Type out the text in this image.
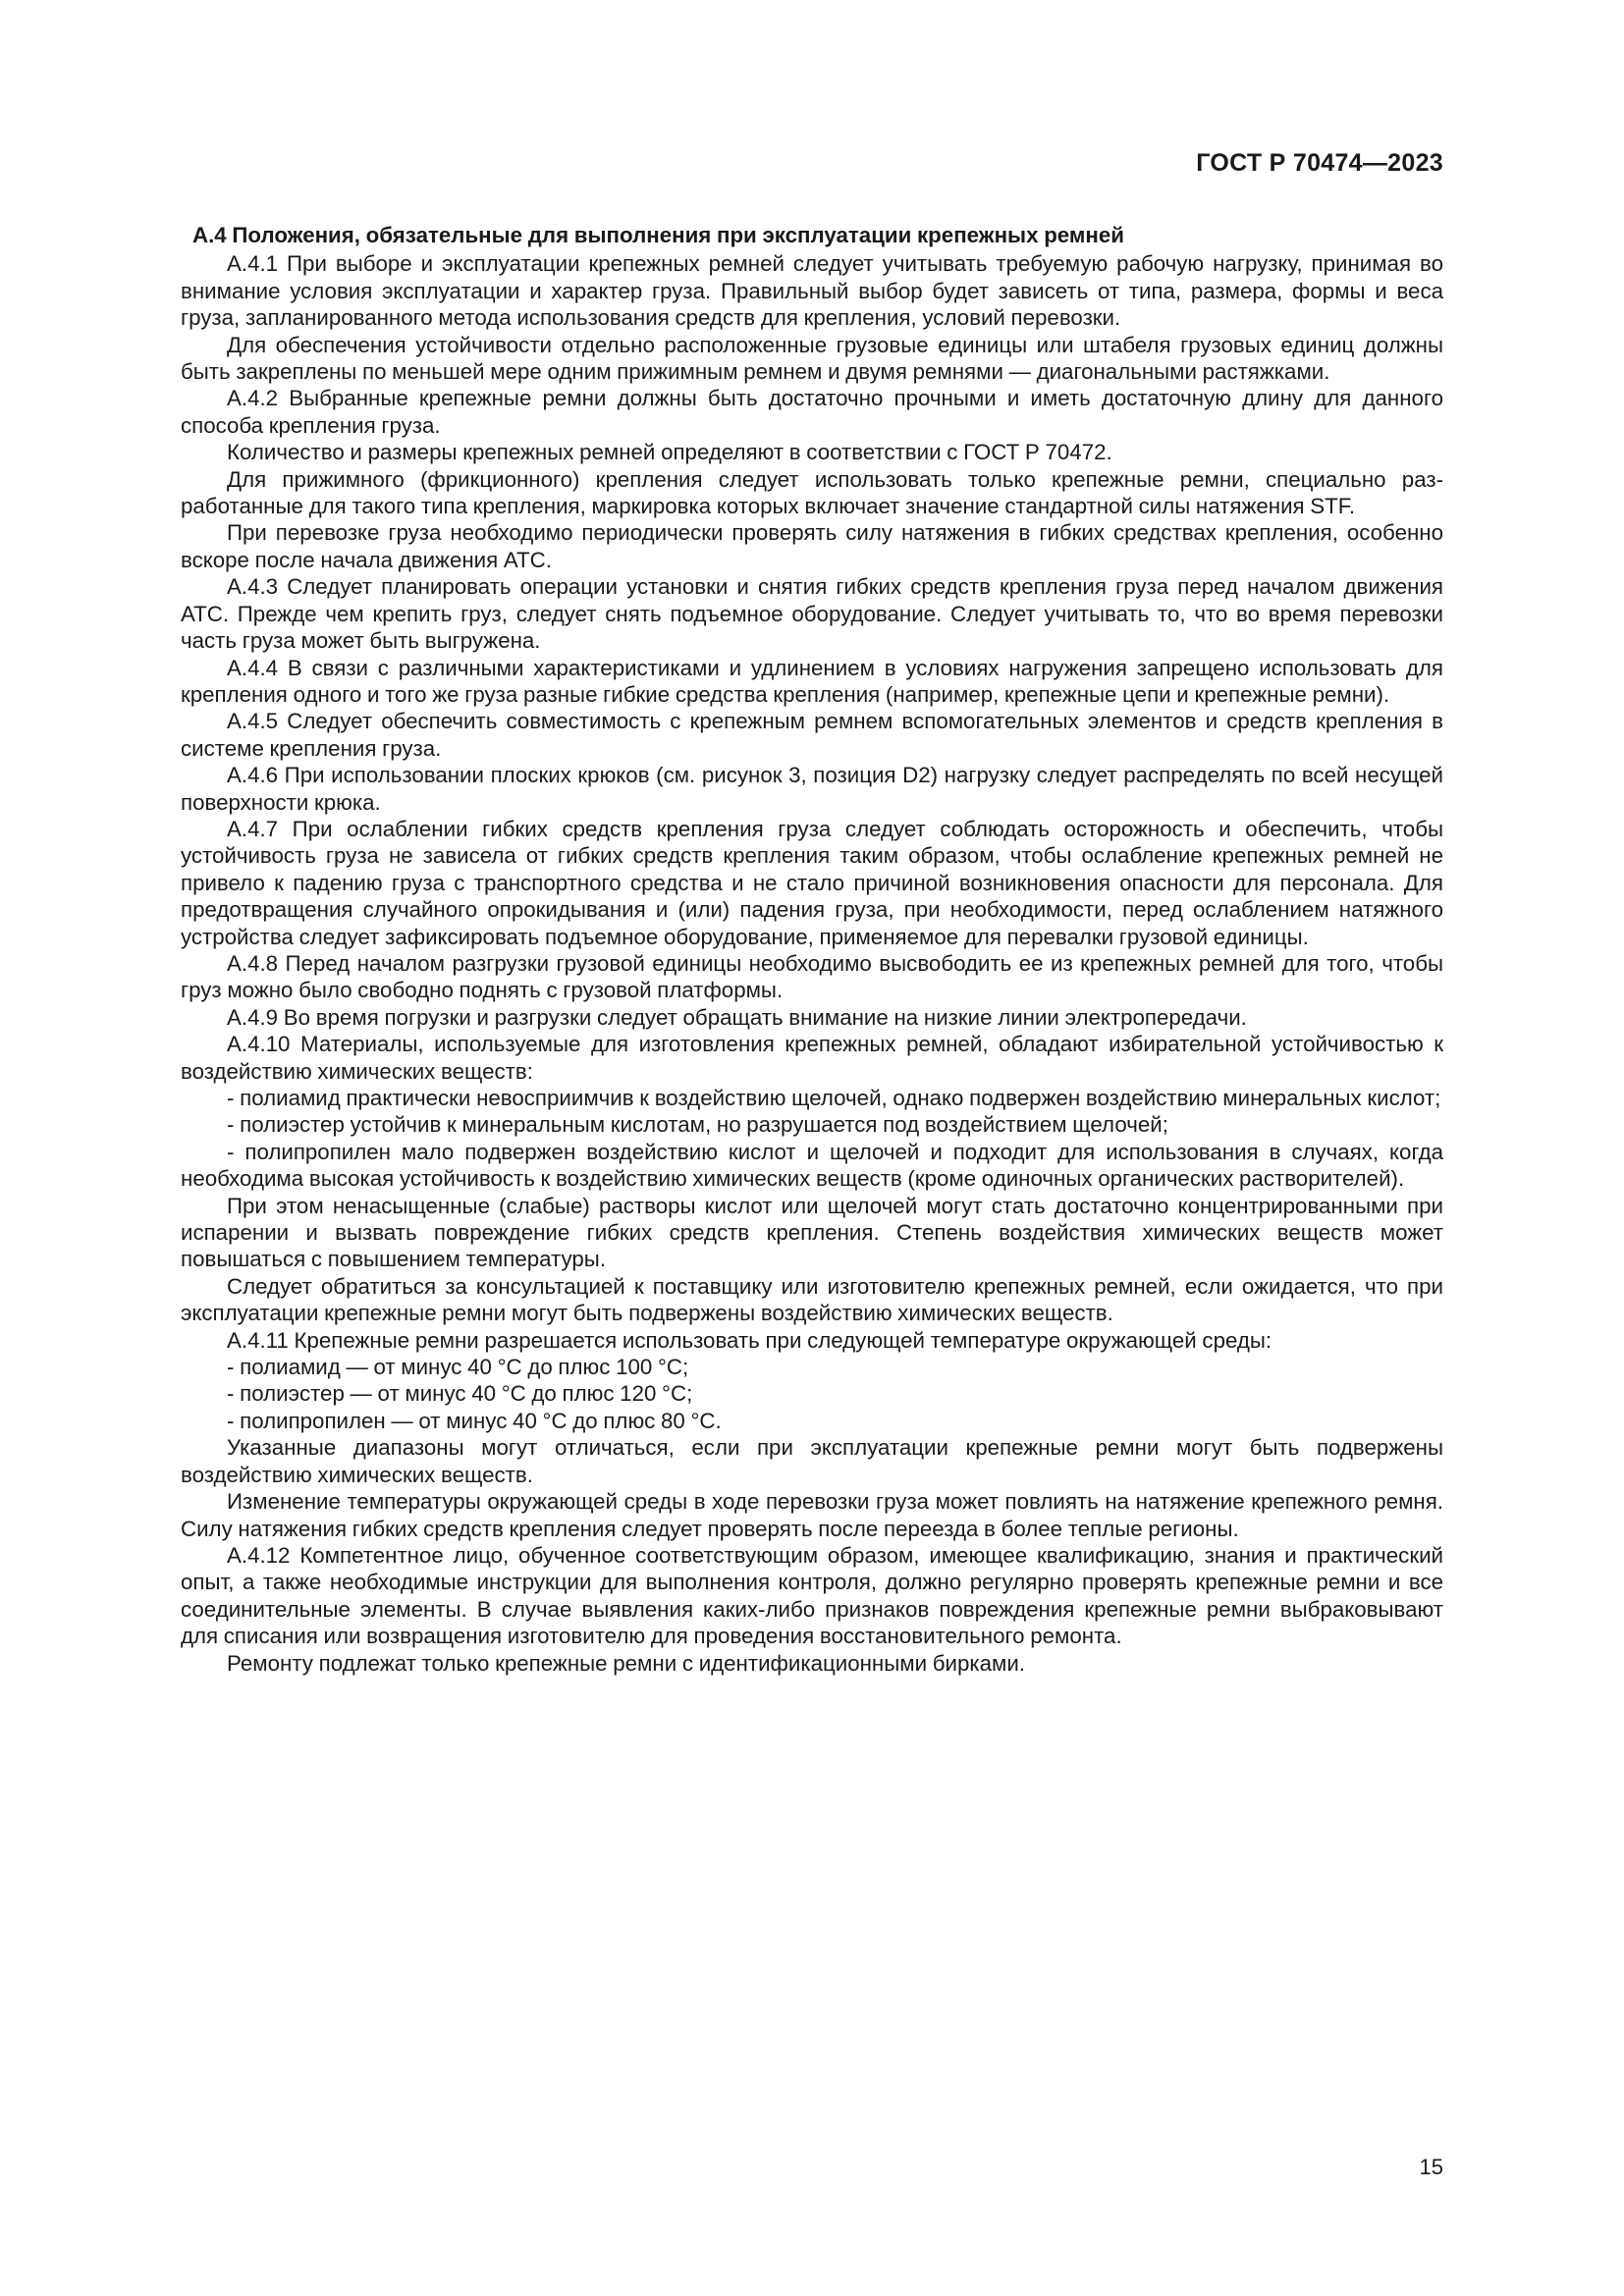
ГОСТ Р 70474—2023

А.4 Положения, обязательные для выполнения при эксплуатации крепежных ремней

А.4.1 При выборе и эксплуатации крепежных ремней следует учитывать требуемую рабочую нагрузку, принимая во внимание условия эксплуатации и характер груза. Правильный выбор будет зависеть от типа, размера, формы и веса груза, запланированного метода использования средств для крепления, условий перевозки.

Для обеспечения устойчивости отдельно расположенные грузовые единицы или штабеля грузовых единиц должны быть закреплены по меньшей мере одним прижимным ремнем и двумя ремнями — диагональными растяжками.

А.4.2 Выбранные крепежные ремни должны быть достаточно прочными и иметь достаточную длину для данного способа крепления груза.

Количество и размеры крепежных ремней определяют в соответствии с ГОСТ Р 70472.

Для прижимного (фрикционного) крепления следует использовать только крепежные ремни, специально разработанные для такого типа крепления, маркировка которых включает значение стандартной силы натяжения STF.

При перевозке груза необходимо периодически проверять силу натяжения в гибких средствах крепления, особенно вскоре после начала движения АТС.

А.4.3 Следует планировать операции установки и снятия гибких средств крепления груза перед началом движения АТС. Прежде чем крепить груз, следует снять подъемное оборудование. Следует учитывать то, что во время перевозки часть груза может быть выгружена.

А.4.4 В связи с различными характеристиками и удлинением в условиях нагружения запрещено использовать для крепления одного и того же груза разные гибкие средства крепления (например, крепежные цепи и крепежные ремни).

А.4.5 Следует обеспечить совместимость с крепежным ремнем вспомогательных элементов и средств крепления в системе крепления груза.

А.4.6 При использовании плоских крюков (см. рисунок 3, позиция D2) нагрузку следует распределять по всей несущей поверхности крюка.

А.4.7 При ослаблении гибких средств крепления груза следует соблюдать осторожность и обеспечить, чтобы устойчивость груза не зависела от гибких средств крепления таким образом, чтобы ослабление крепежных ремней не привело к падению груза с транспортного средства и не стало причиной возникновения опасности для персонала. Для предотвращения случайного опрокидывания и (или) падения груза, при необходимости, перед ослаблением натяжного устройства следует зафиксировать подъемное оборудование, применяемое для перевалки грузовой единицы.

А.4.8 Перед началом разгрузки грузовой единицы необходимо высвободить ее из крепежных ремней для того, чтобы груз можно было свободно поднять с грузовой платформы.

А.4.9 Во время погрузки и разгрузки следует обращать внимание на низкие линии электропередачи.

А.4.10 Материалы, используемые для изготовления крепежных ремней, обладают избирательной устойчивостью к воздействию химических веществ:

- полиамид практически невосприимчив к воздействию щелочей, однако подвержен воздействию минеральных кислот;

- полиэстер устойчив к минеральным кислотам, но разрушается под воздействием щелочей;

- полипропилен мало подвержен воздействию кислот и щелочей и подходит для использования в случаях, когда необходима высокая устойчивость к воздействию химических веществ (кроме одиночных органических растворителей).

При этом ненасыщенные (слабые) растворы кислот или щелочей могут стать достаточно концентрированными при испарении и вызвать повреждение гибких средств крепления. Степень воздействия химических веществ может повышаться с повышением температуры.

Следует обратиться за консультацией к поставщику или изготовителю крепежных ремней, если ожидается, что при эксплуатации крепежные ремни могут быть подвержены воздействию химических веществ.

А.4.11 Крепежные ремни разрешается использовать при следующей температуре окружающей среды:

- полиамид — от минус 40 °С до плюс 100 °С;

- полиэстер — от минус 40 °С до плюс 120 °С;

- полипропилен — от минус 40 °С до плюс 80 °С.

Указанные диапазоны могут отличаться, если при эксплуатации крепежные ремни могут быть подвержены воздействию химических веществ.

Изменение температуры окружающей среды в ходе перевозки груза может повлиять на натяжение крепежного ремня. Силу натяжения гибких средств крепления следует проверять после переезда в более теплые регионы.

А.4.12 Компетентное лицо, обученное соответствующим образом, имеющее квалификацию, знания и практический опыт, а также необходимые инструкции для выполнения контроля, должно регулярно проверять крепежные ремни и все соединительные элементы. В случае выявления каких-либо признаков повреждения крепежные ремни выбраковывают для списания или возвращения изготовителю для проведения восстановительного ремонта.

Ремонту подлежат только крепежные ремни с идентификационными бирками.

15
